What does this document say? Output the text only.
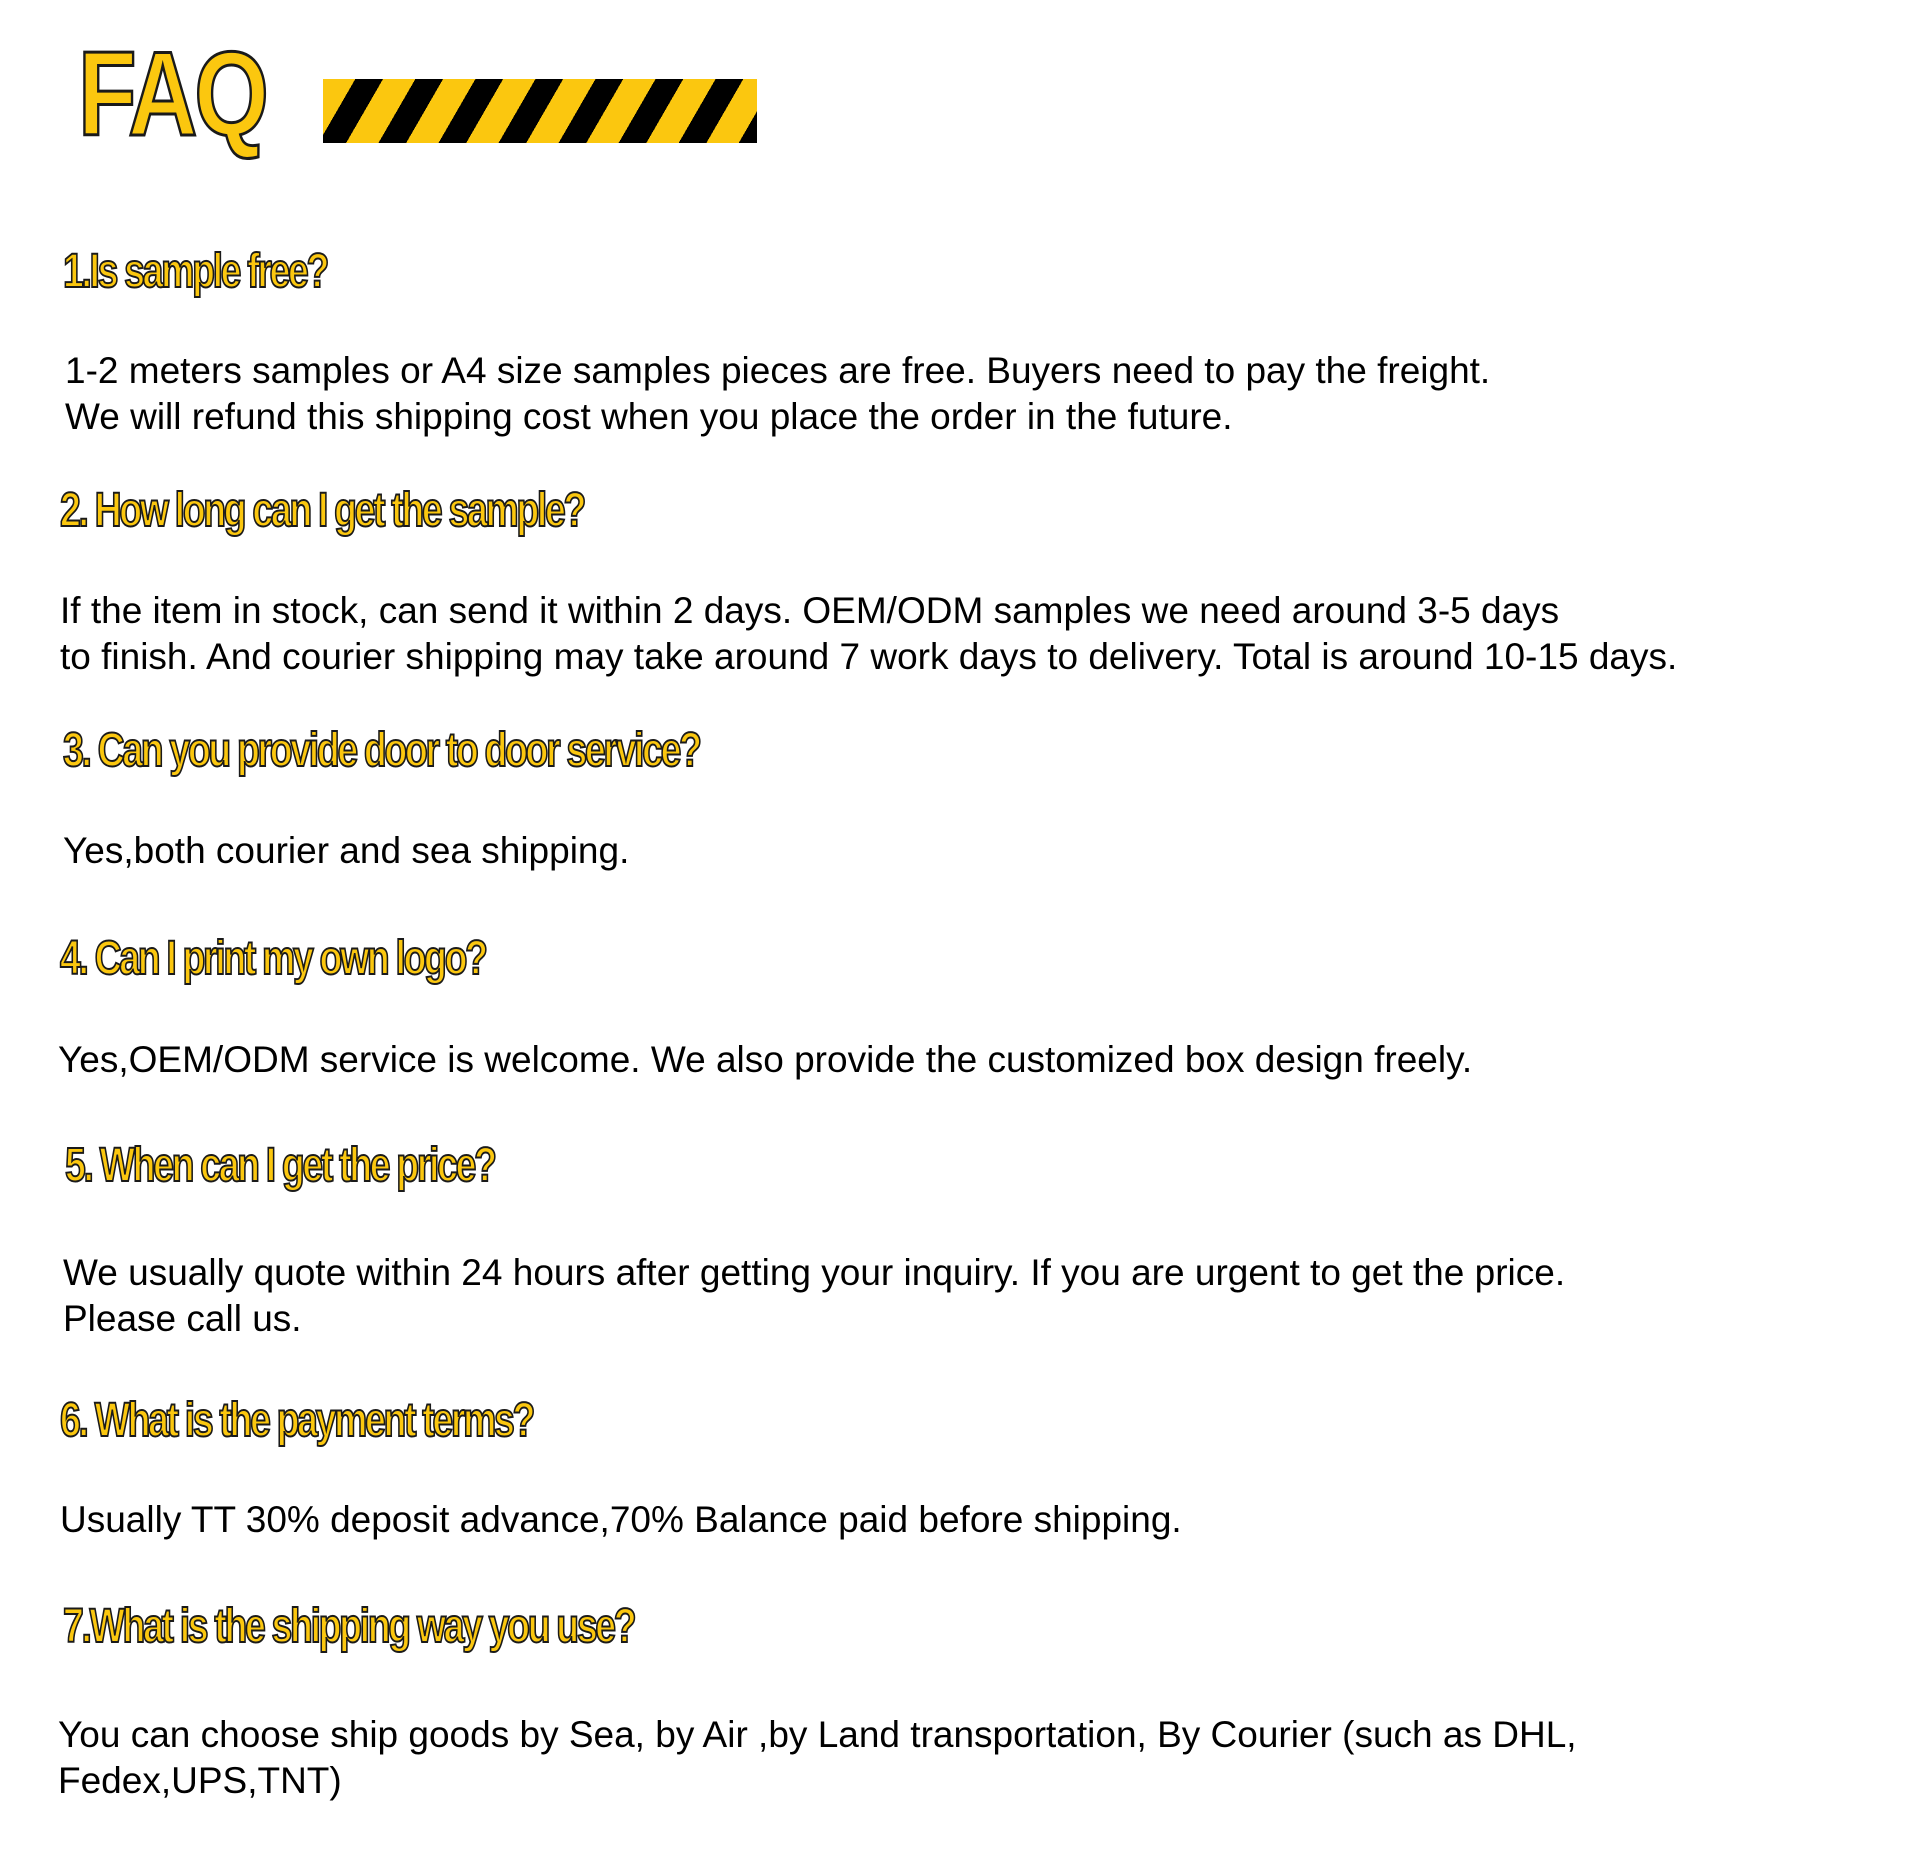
FAQ
1.Is sample free?
1-2 meters samples or A4 size samples pieces are free. Buyers need to pay the freight.
We will refund this shipping cost when you place the order in the future.
2. How long can I get the sample?
If the item in stock, can send it within 2 days. OEM/ODM samples we need around 3-5 days
to finish. And courier shipping may take around 7 work days to delivery. Total is around 10-15 days.
3. Can you provide door to door service?
Yes,both courier and sea shipping.
4. Can I print my own logo?
Yes,OEM/ODM service is welcome. We also provide the customized box design freely.
5. When can I get the price?
We usually quote within 24 hours after getting your inquiry. If you are urgent to get the price.
Please call us.
6. What is the payment terms?
Usually TT 30% deposit advance,70% Balance paid before shipping.
7.What is the shipping way you use?
You can choose ship goods by Sea, by Air ,by Land transportation, By Courier (such as DHL,
Fedex,UPS,TNT)
